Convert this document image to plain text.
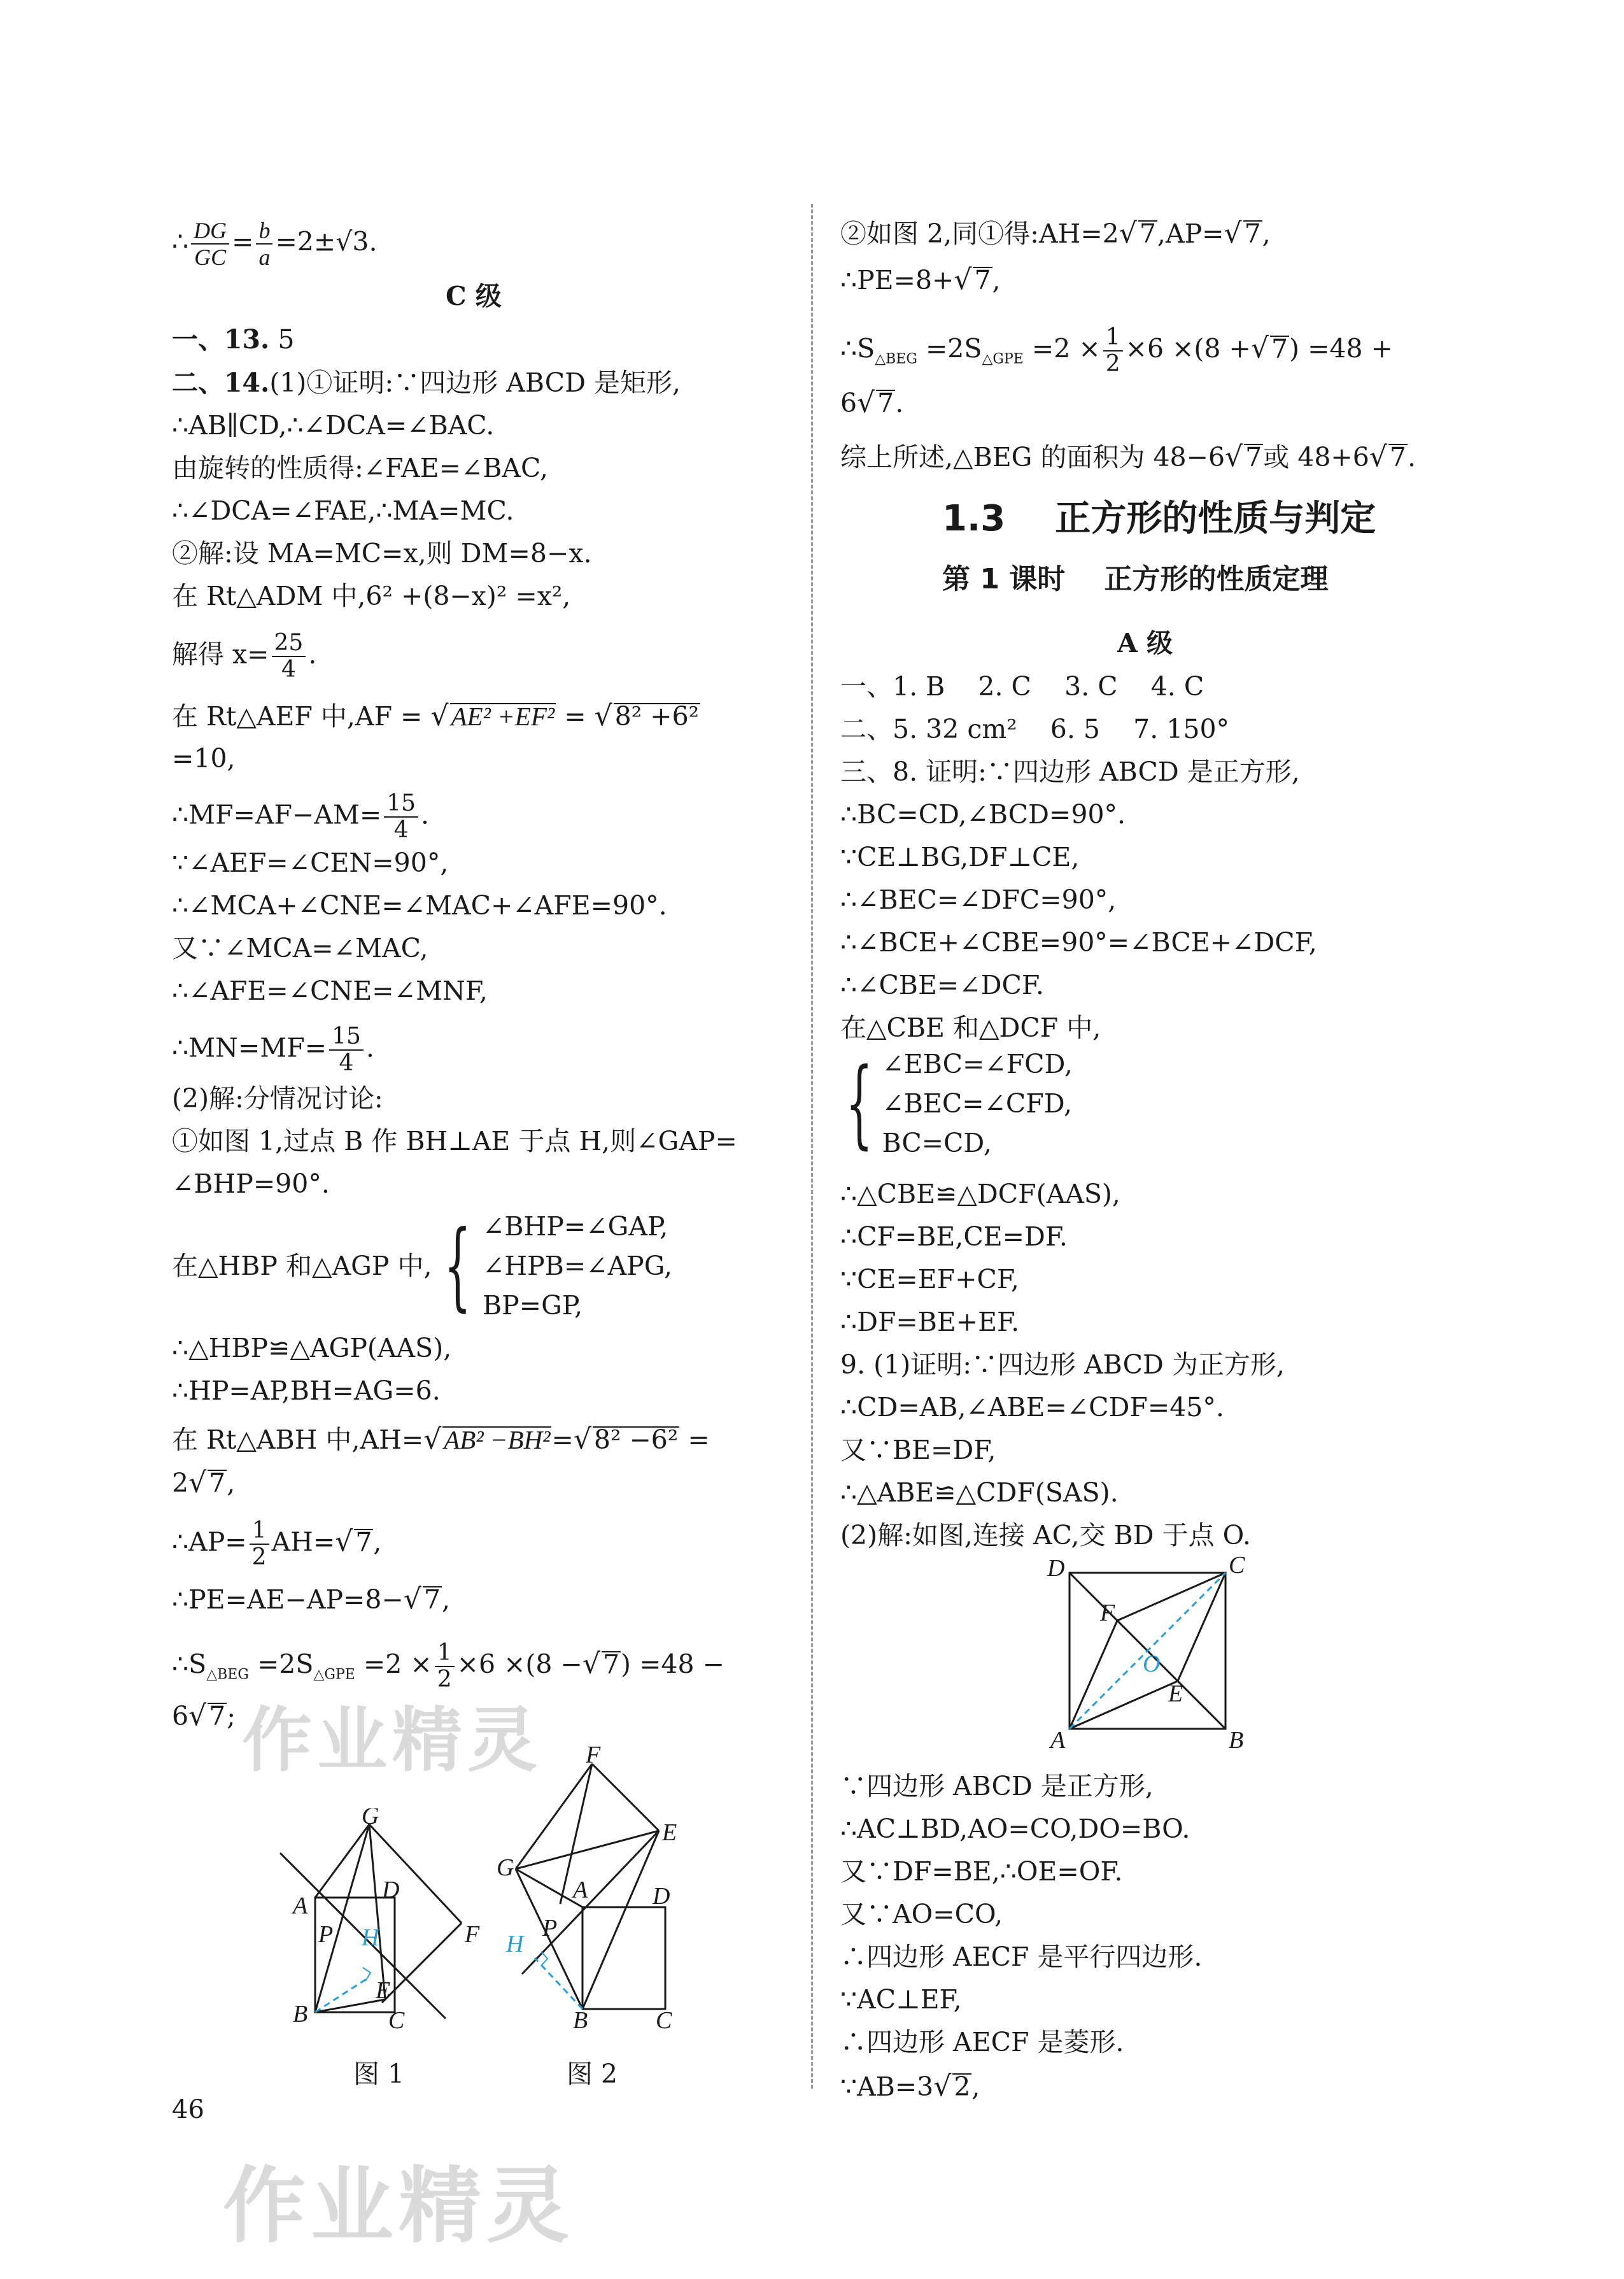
∴ $\frac{DG}{GC} = \frac{b}{a} =2\pm√3$.
C 级
一、13. 5
二、14.(1)①证明:∵四边形 ABCD 是矩形,
∴AB∥CD,∴∠DCA=∠BAC.
由旋转的性质得:∠FAE=∠BAC,
∴∠DCA=∠FAE,∴MA=MC.
②解:设 MA=MC=x,则 DM=8−x.
在 Rt△ADM 中,6² +(8−x)² =x²,
解得 $x= \frac{25}{4}$ .
在 Rt△AEF 中,AF = √AE² +EF² = √8² +6²
=10,
∴MF=AF−AM= $\frac{15}{4}$ .
∵∠AEF=∠CEN=90°,
∴∠MCA+∠CNE=∠MAC+∠AFE=90°.
又∵∠MCA=∠MAC,
∴∠AFE=∠CNE=∠MNF,
∴MN=MF= $\frac{15}{4}$ .
(2)解:分情况讨论:
①如图 1,过点 B 作 BH⊥AE 于点 H,则∠GAP=
∠BHP=90°.
在△HBP 和△AGP 中, { ∠BHP=∠GAP,
∠HPB=∠APG,
BP=GP,
∴△HBP≌△AGP(AAS),
∴HP=AP,BH=AG=6.
在 Rt△ABH 中,AH=√AB² −BH²=√8² −6² =
2√7,
∴AP= $\frac{1}{2} AH=√7$,
∴PE=AE−AP=8−√7,
$\therefore S_{\triangle BEG} =2S_{\triangle GPE} =2 \times \frac{1}{2} \times 6 \times(8 -√7) =48$ −
6√7;
G
D
A
P H	F
E
B	C
F
G
E
A	D
P
H
B	C
图 1	图 2
②如图 2,同①得:AH=2√7,AP=√7,
∴PE=8+√7,
$\therefore S_{\triangle BEG} =2S_{\triangle GPE} =2 \times \frac{1}{2} \times 6 \times(8 +√7) =48$ +
6√7.
综上所述,△BEG 的面积为 48−6√7或 48+6√7.
1.3    正方形的性质与判定
第 1 课时    正方形的性质定理
A 级
一、1. B    2. C    3. C    4. C
二、5. 32 cm²    6. 5    7. 150°
三、8. 证明:∵四边形 ABCD 是正方形,
∴BC=CD,∠BCD=90°.
∵CE⊥BG,DF⊥CE,
∴∠BEC=∠DFC=90°,
∴∠BCE+∠CBE=90°=∠BCE+∠DCF,
∴∠CBE=∠DCF.
在△CBE 和△DCF 中,
{ ∠EBC=∠FCD,
∠BEC=∠CFD,
BC=CD,
∴△CBE≌△DCF(AAS),
∴CF=BE,CE=DF.
∵CE=EF+CF,
∴DF=BE+EF.
9. (1)证明:∵四边形 ABCD 为正方形,
∴CD=AB,∠ABE=∠CDF=45°.
又∵BE=DF,
∴△ABE≌△CDF(SAS).
(2)解:如图,连接 AC,交 BD 于点 O.
D	C
F
O
E
A	B
∵四边形 ABCD 是正方形,
∴AC⊥BD,AO=CO,DO=BO.
又∵DF=BE,∴OE=OF.
又∵AO=CO,
∴四边形 AECF 是平行四边形.
∵AC⊥EF,
∴四边形 AECF 是菱形.
∵AB=3√2,
46
作业精灵
作业精灵
